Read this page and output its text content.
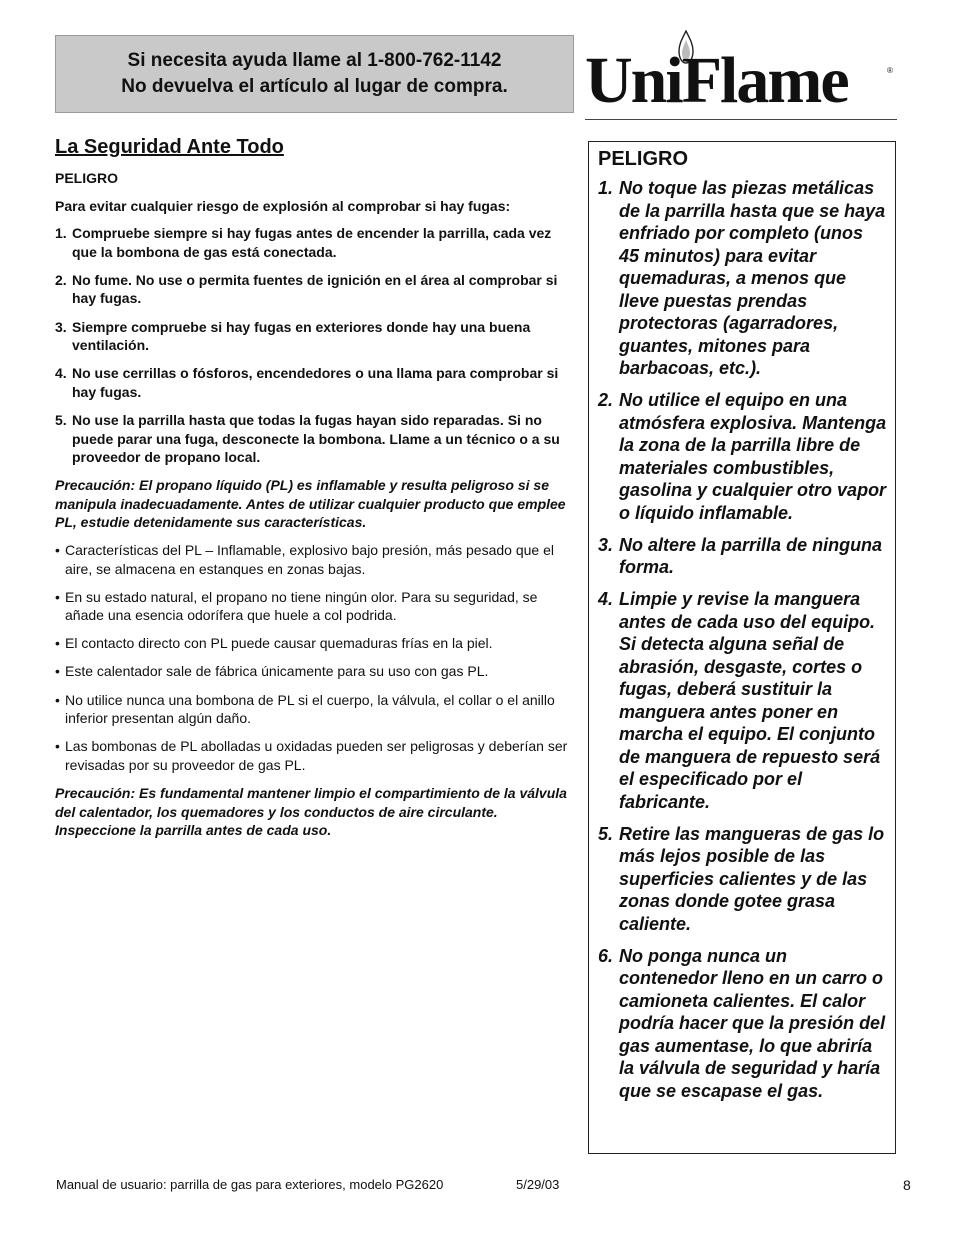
Si necesita ayuda llame al 1-800-762-1142
No devuelva el artículo al lugar de compra. UniFlame	®
La Seguridad Ante Todo
PELIGRO
Para evitar cualquier riesgo de explosión al comprobar si hay fugas:
1. Compruebe siempre si hay fugas antes de encender la parrilla, cada vez que la bombona de gas está conectada.
2. No fume. No use o permita fuentes de ignición en el área al comprobar si hay fugas.
3. Siempre compruebe si hay fugas en exteriores donde hay una buena ventilación.
4. No use cerrillas o fósforos, encendedores o una llama para comprobar si hay fugas.
5. No use la parrilla hasta que todas la fugas hayan sido reparadas. Si no puede parar una fuga, desconecte la bombona. Llame a un técnico o a su proveedor de propano local.
Precaución: El propano líquido (PL) es inflamable y resulta peligroso si se manipula inadecuadamente. Antes de utilizar cualquier producto que emplee PL, estudie detenidamente sus características.
• Características del PL – Inflamable, explosivo bajo presión, más pesado que el aire, se almacena en estanques en zonas bajas.
• En su estado natural, el propano no tiene ningún olor. Para su seguridad, se añade una esencia odorífera que huele a col podrida.
• El contacto directo con PL puede causar quemaduras frías en la piel.
• Este calentador sale de fábrica únicamente para su uso con gas PL.
• No utilice nunca una bombona de PL si el cuerpo, la válvula, el collar o el anillo inferior presentan algún daño.
• Las bombonas de PL abolladas u oxidadas pueden ser peligrosas y deberían ser revisadas por su proveedor de gas PL.
Precaución: Es fundamental mantener limpio el compartimiento de la válvula del calentador, los quemadores y los conductos de aire circulante. Inspeccione la parrilla antes de cada uso.
PELIGRO
1. No toque las piezas metálicas de la parrilla hasta que se haya enfriado por completo (unos 45 minutos) para evitar quemaduras, a menos que lleve puestas prendas protectoras (agarradores, guantes, mitones para barbacoas, etc.).
2. No utilice el equipo en una atmósfera explosiva. Mantenga la zona de la parrilla libre de materiales combustibles, gasolina y cualquier otro vapor o líquido inflamable.
3. No altere la parrilla de ninguna forma.
4. Limpie y revise la manguera antes de cada uso del equipo. Si detecta alguna señal de abrasión, desgaste, cortes o fugas, deberá sustituir la manguera antes poner en marcha el equipo. El conjunto de manguera de repuesto será el especificado por el fabricante.
5. Retire las mangueras de gas lo más lejos posible de las superficies calientes y de las zonas donde gotee grasa caliente.
6. No ponga nunca un contenedor lleno en un carro o camioneta calientes. El calor podría hacer que la presión del gas aumentase, lo que abriría la válvula de seguridad y haría que se escapase el gas.
Manual de usuario: parrilla de gas para exteriores, modelo PG2620	5/29/03	8
